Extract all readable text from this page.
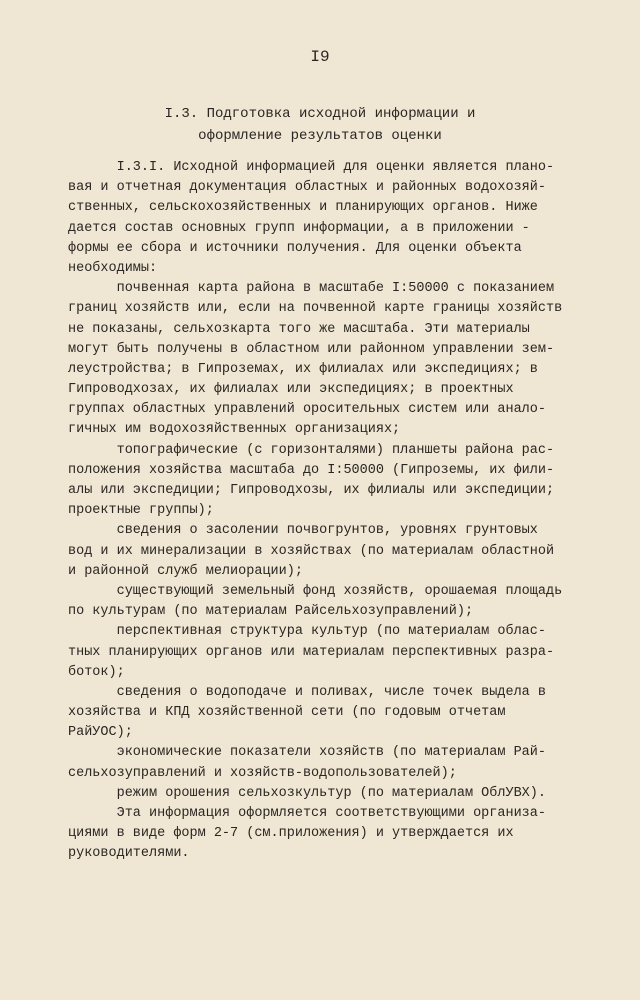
I9
I.3. Подготовка исходной информации и
оформление результатов оценки
I.3.I. Исходной информацией для оценки является плано-
вая и отчетная документация областных и районных водохозяй-
ственных, сельскохозяйственных и планирующих органов. Ниже
дается состав основных групп информации, а в приложении -
формы ее сбора и источники получения. Для оценки объекта
необходимы:
почвенная карта района в масштабе I:50000 с показанием
границ хозяйств или, если на почвенной карте границы хозяйств
не показаны, сельхозкарта того же масштаба. Эти материалы
могут быть получены в областном или районном управлении зем-
леустройства; в Гипроземах, их филиалах или экспедициях; в
Гипроводхозах, их филиалах или экспедициях; в проектных
группах областных управлений оросительных систем или анало-
гичных им водохозяйственных организациях;
топографические (с горизонталями) планшеты района рас-
положения хозяйства масштаба до I:50000 (Гипроземы, их фили-
алы или экспедиции; Гипроводхозы, их филиалы или экспедиции;
проектные группы);
сведения о засолении почвогрунтов, уровнях грунтовых
вод и их минерализации в хозяйствах (по материалам областной
и районной служб мелиорации);
существующий земельный фонд хозяйств, орошаемая площадь
по культурам (по материалам Райсельхозуправлений);
перспективная структура культур (по материалам облас-
тных планирующих органов или материалам перспективных разра-
боток);
сведения о водоподаче и поливах, числе точек выдела в
хозяйства и КПД хозяйственной сети (по годовым отчетам
РайУОС);
экономические показатели хозяйств (по материалам Рай-
сельхозуправлений и хозяйств-водопользователей);
режим орошения сельхозкультур (по материалам ОблУВХ).
Эта информация оформляется соответствующими организа-
циями в виде форм 2-7 (см.приложения) и утверждается их
руководителями.
